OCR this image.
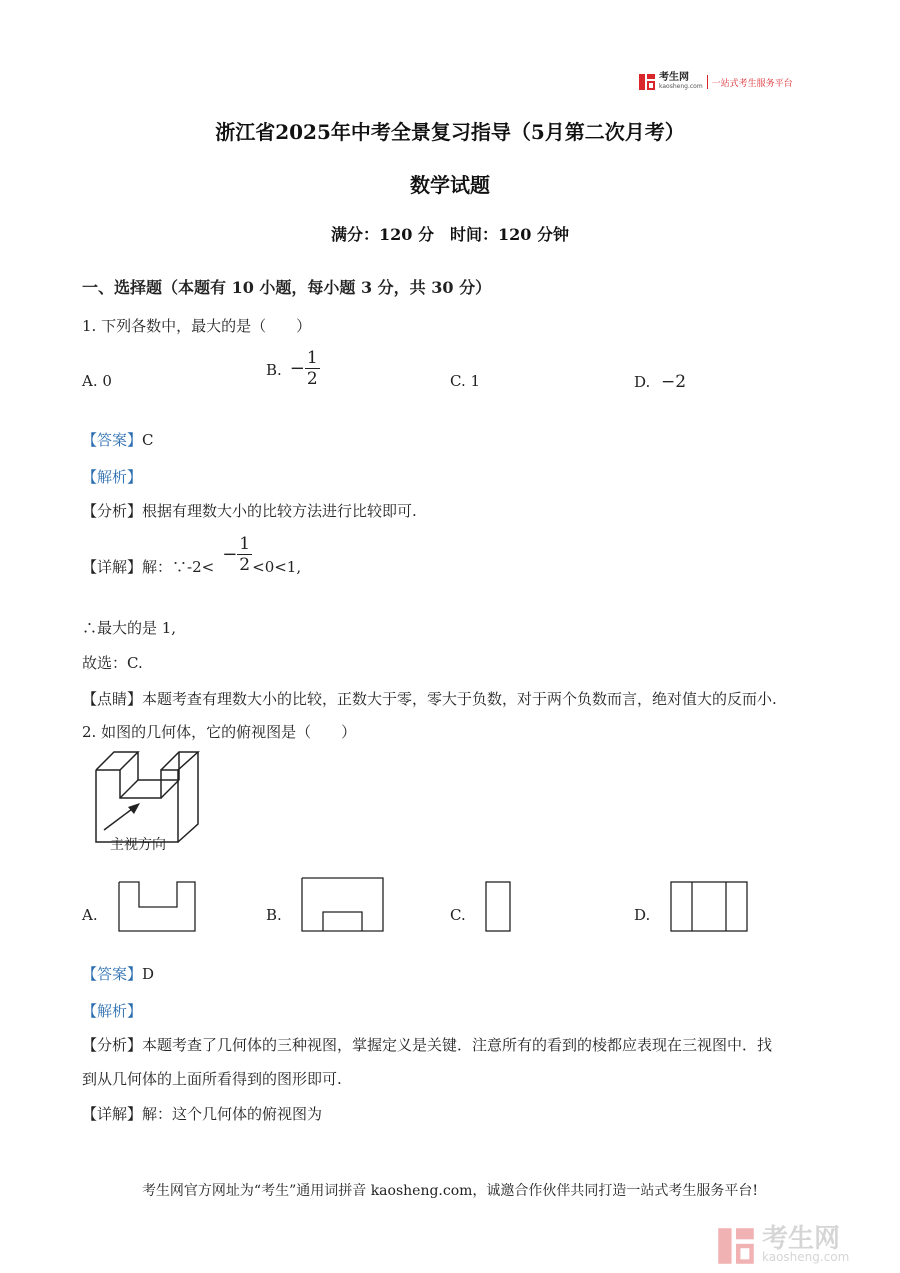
考生网
kaosheng.com 一站式考生服务平台
浙江省2025年中考全景复习指导（5月第二次月考）
数学试题
满分：120 分　时间：120 分钟
一、选择题（本题有 10 小题，每小题 3 分，共 30 分）
1. 下列各数中，最大的是（　　）
A. 0
B. − $\frac{1}{2}$	C. 1	D. −2
【答案】C
【解析】
【分析】根据有理数大小的比较方法进行比较即可.
【详解】 解：∵-2<
− $\frac{1}{2} <0<1$,
∴最大的是 1,
故选：C.
【点睛】本题考查有理数大小的比较，正数大于零，零大于负数，对于两个负数而言，绝对值大的反而小.
2. 如图的几何体，它的俯视图是（　　）
主视方向
A.	B.	C.	D.
【答案】D
【解析】
【分析】本题考查了几何体的三种视图，掌握定义是关键．注意所有的看到的棱都应表现在三视图中．找
到从几何体的上面所看得到的图形即可.
【详解】解：这个几何体的俯视图为
考生网官方网址为“考生”通用词拼音 kaosheng.com，诚邀合作伙伴共同打造一站式考生服务平台!
考生网
kaosheng.com
